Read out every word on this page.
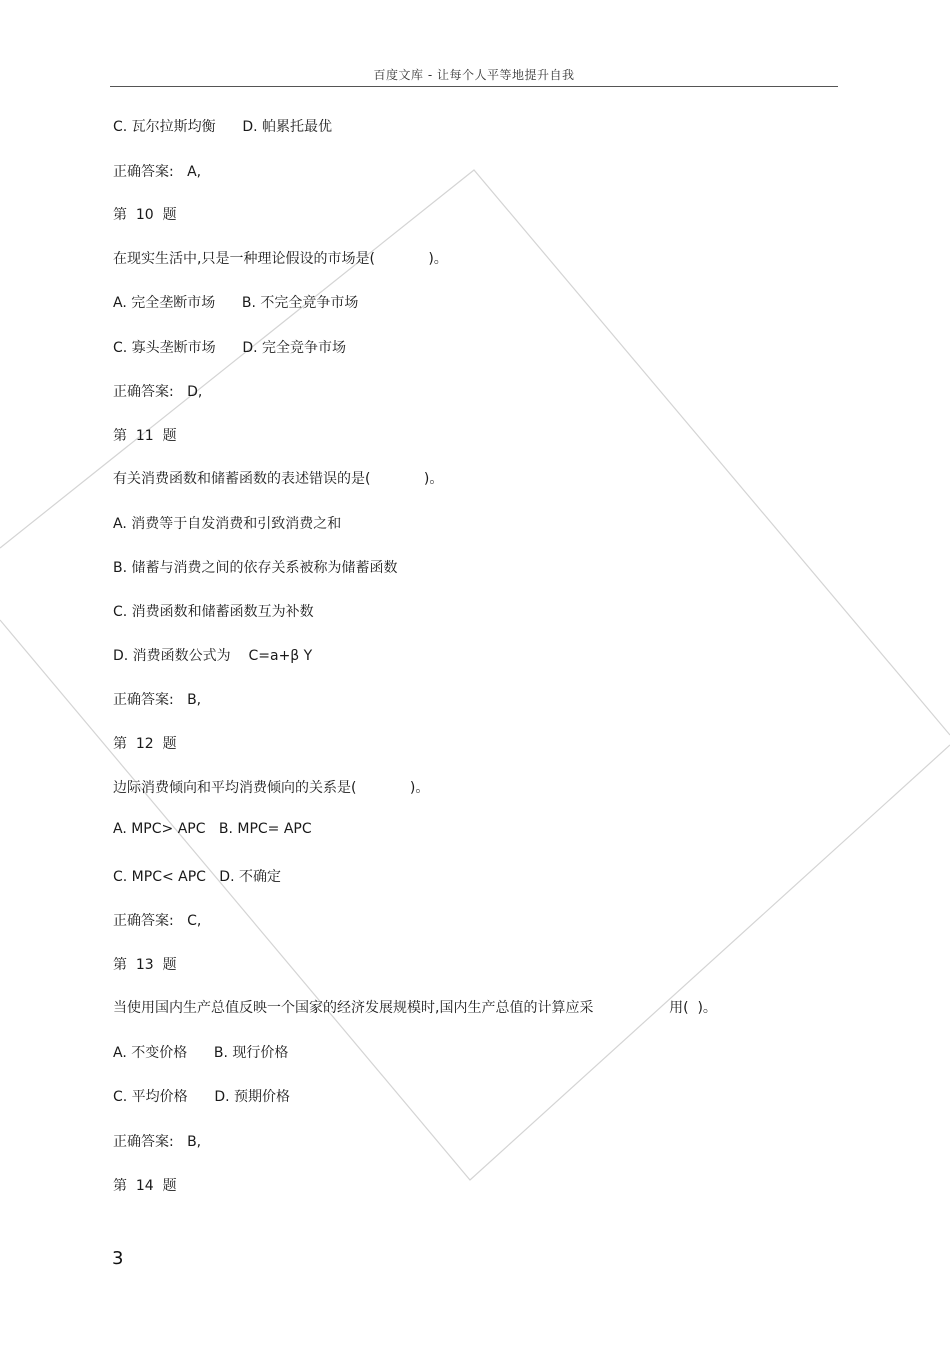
百度文库 - 让每个人平等地提升自我
C. 瓦尔拉斯均衡      D. 帕累托最优
正确答案:   A,
第  10  题
在现实生活中,只是一种理论假设的市场是(            )。
A. 完全垄断市场      B. 不完全竞争市场
C. 寡头垄断市场      D. 完全竞争市场
正确答案:   D,
第  11  题
有关消费函数和储蓄函数的表述错误的是(            )。
A. 消费等于自发消费和引致消费之和
B. 储蓄与消费之间的依存关系被称为储蓄函数
C. 消费函数和储蓄函数互为补数
D. 消费函数公式为    C=a+β Y
正确答案:   B,
第  12  题
边际消费倾向和平均消费倾向的关系是(            )。
A. MPC> APC   B. MPC= APC
C. MPC< APC   D. 不确定
正确答案:   C,
第  13  题
当使用国内生产总值反映一个国家的经济发展规模时,国内生产总值的计算应采                 用(  )。
A. 不变价格      B. 现行价格
C. 平均价格      D. 预期价格
正确答案:   B,
第  14  题
3
